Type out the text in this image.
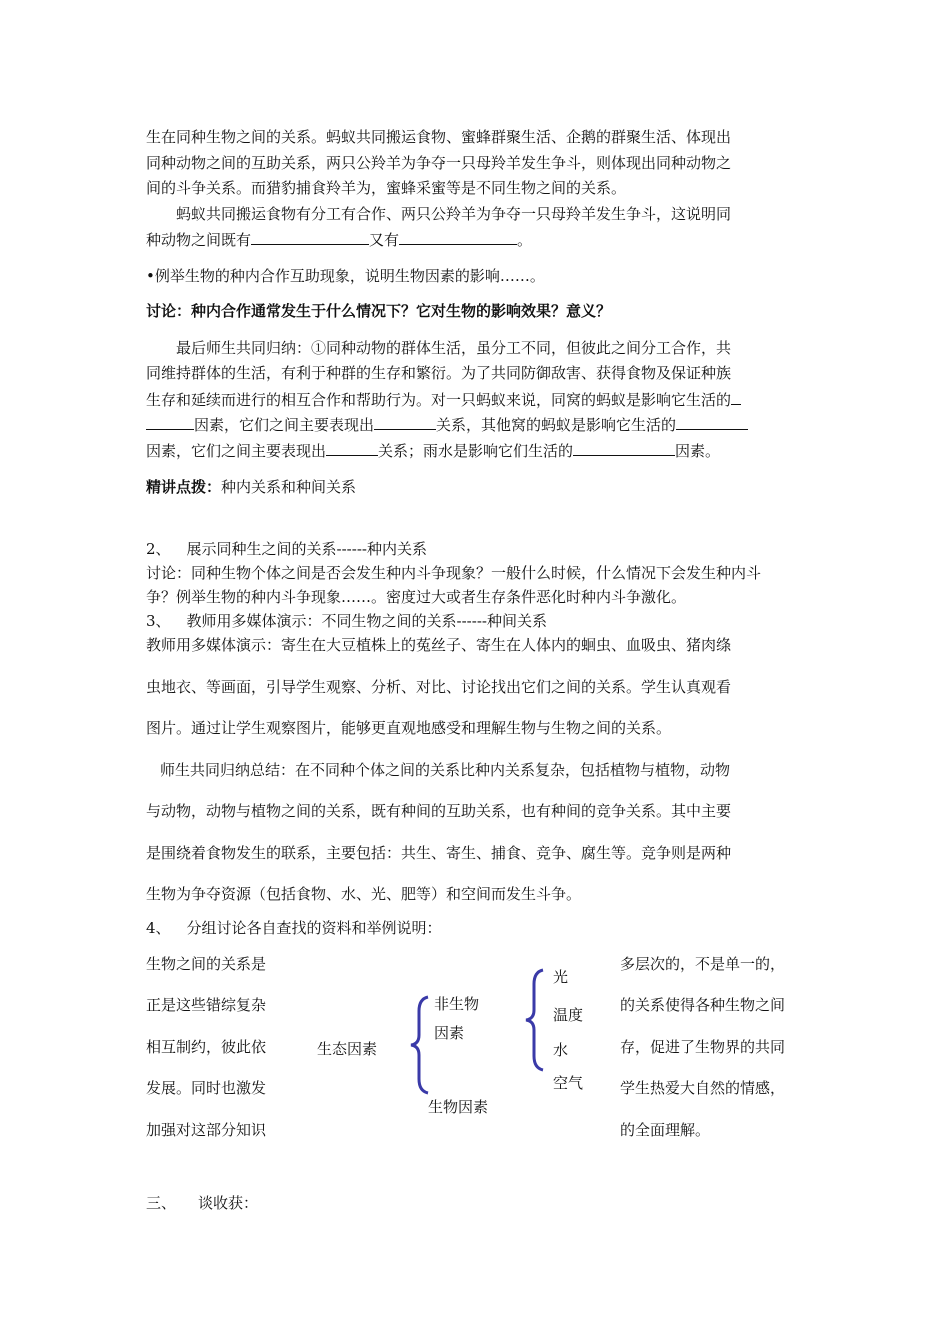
生在同种生物之间的关系。蚂蚁共同搬运食物、蜜蜂群聚生活、企鹅的群聚生活、体现出
同种动物之间的互助关系，两只公羚羊为争夺一只母羚羊发生争斗，则体现出同种动物之
间的斗争关系。而猎豹捕食羚羊为，蜜蜂采蜜等是不同生物之间的关系。
蚂蚁共同搬运食物有分工有合作、两只公羚羊为争夺一只母羚羊发生争斗，这说明同
种动物之间既有	又有	。
•例举生物的种内合作互助现象，说明生物因素的影响……。
讨论：种内合作通常发生于什么情况下？它对生物的影响效果？意义？
最后师生共同归纳：①同种动物的群体生活，虽分工不同，但彼此之间分工合作，共
同维持群体的生活，有利于种群的生存和繁衍。为了共同防御敌害、获得食物及保证种族
生存和延续而进行的相互合作和帮助行为。对一只蚂蚁来说，同窝的蚂蚁是影响它生活的
因素，它们之间主要表现出	关系，其他窝的蚂蚁是影响它生活的
因素，它们之间主要表现出	关系；雨水是影响它们生活的	因素。
精讲点拨：种内关系和种间关系
2、 展示同种生之间的关系------种内关系
讨论：同种生物个体之间是否会发生种内斗争现象？一般什么时候，什么情况下会发生种内斗
争？例举生物的种内斗争现象……。密度过大或者生存条件恶化时种内斗争激化。
3、 教师用多媒体演示：不同生物之间的关系------种间关系
教师用多媒体演示：寄生在大豆植株上的菟丝子、寄生在人体内的蛔虫、血吸虫、猪肉绦
虫地衣、等画面，引导学生观察、分析、对比、讨论找出它们之间的关系。学生认真观看
图片。通过让学生观察图片，能够更直观地感受和理解生物与生物之间的关系。
师生共同归纳总结：在不同种个体之间的关系比种内关系复杂，包括植物与植物，动物
与动物，动物与植物之间的关系，既有种间的互助关系，也有种间的竞争关系。其中主要
是围绕着食物发生的联系，主要包括：共生、寄生、捕食、竞争、腐生等。竞争则是两种
生物为争夺资源（包括食物、水、光、肥等）和空间而发生斗争。
4、 分组讨论各自查找的资料和举例说明：
生物之间的关系是
正是这些错综复杂
相互制约，彼此依
发展。同时也激发
加强对这部分知识
生态因素
非生物
因素
生物因素
光
温度
水
空气
多层次的，不是单一的，
的关系使得各种生物之间
存，促进了生物界的共同
学生热爱大自然的情感，
的全面理解。
三、 谈收获：
